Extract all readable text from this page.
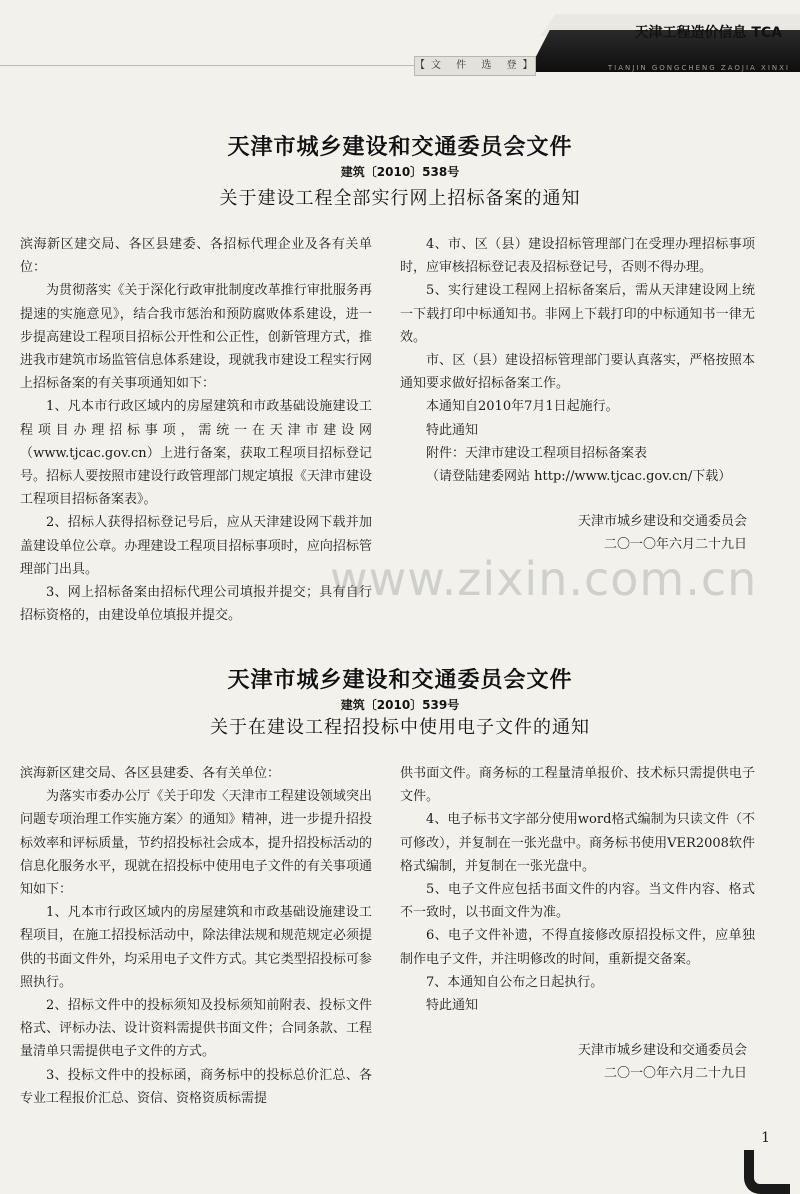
天津工程造价信息 TCA
TIANJIN GONGCHENG ZAOJIA XINXI
【文 件 选 登】
天津市城乡建设和交通委员会文件
建筑〔2010〕538号
关于建设工程全部实行网上招标备案的通知

滨海新区建交局、各区县建委、各招标代理企业及各有关单位：

为贯彻落实《关于深化行政审批制度改革推行审批服务再提速的实施意见》，结合我市惩治和预防腐败体系建设，进一步提高建设工程项目招标公开性和公正性，创新管理方式，推进我市建筑市场监管信息体系建设，现就我市建设工程实行网上招标备案的有关事项通知如下：

1、凡本市行政区域内的房屋建筑和市政基础设施建设工程项目办理招标事项，需统一在天津市建设网（www.tjcac.gov.cn）上进行备案，获取工程项目招标登记号。招标人要按照市建设行政管理部门规定填报《天津市建设工程项目招标备案表》。

2、招标人获得招标登记号后，应从天津建设网下载并加盖建设单位公章。办理建设工程项目招标事项时，应向招标管理部门出具。

3、网上招标备案由招标代理公司填报并提交；具有自行招标资格的，由建设单位填报并提交。

4、市、区（县）建设招标管理部门在受理办理招标事项时，应审核招标登记表及招标登记号，否则不得办理。

5、实行建设工程网上招标备案后，需从天津建设网上统一下载打印中标通知书。非网上下载打印的中标通知书一律无效。

市、区（县）建设招标管理部门要认真落实，严格按照本通知要求做好招标备案工作。

本通知自2010年7月1日起施行。

特此通知

附件：天津市建设工程项目招标备案表

（请登陆建委网站 http://www.tjcac.gov.cn/下载）

天津市城乡建设和交通委员会

二〇一〇年六月二十九日

天津市城乡建设和交通委员会文件
建筑〔2010〕539号
关于在建设工程招投标中使用电子文件的通知

滨海新区建交局、各区县建委、各有关单位：

为落实市委办公厅《关于印发〈天津市工程建设领域突出问题专项治理工作实施方案〉的通知》精神，进一步提升招投标效率和评标质量，节约招投标社会成本，提升招投标活动的信息化服务水平，现就在招投标中使用电子文件的有关事项通知如下：

1、凡本市行政区域内的房屋建筑和市政基础设施建设工程项目，在施工招投标活动中，除法律法规和规范规定必须提供的书面文件外，均采用电子文件方式。其它类型招投标可参照执行。

2、招标文件中的投标须知及投标须知前附表、投标文件格式、评标办法、设计资料需提供书面文件；合同条款、工程量清单只需提供电子文件的方式。

3、投标文件中的投标函，商务标中的投标总价汇总、各专业工程报价汇总、资信、资格资质标需提

供书面文件。商务标的工程量清单报价、技术标只需提供电子文件。

4、电子标书文字部分使用word格式编制为只读文件（不可修改），并复制在一张光盘中。商务标书使用VER2008软件格式编制，并复制在一张光盘中。

5、电子文件应包括书面文件的内容。当文件内容、格式不一致时，以书面文件为准。

6、电子文件补遗，不得直接修改原招投标文件，应单独制作电子文件，并注明修改的时间，重新提交备案。

7、本通知自公布之日起执行。

特此通知

天津市城乡建设和交通委员会

二〇一〇年六月二十九日

www.zixin.com.cn
1
